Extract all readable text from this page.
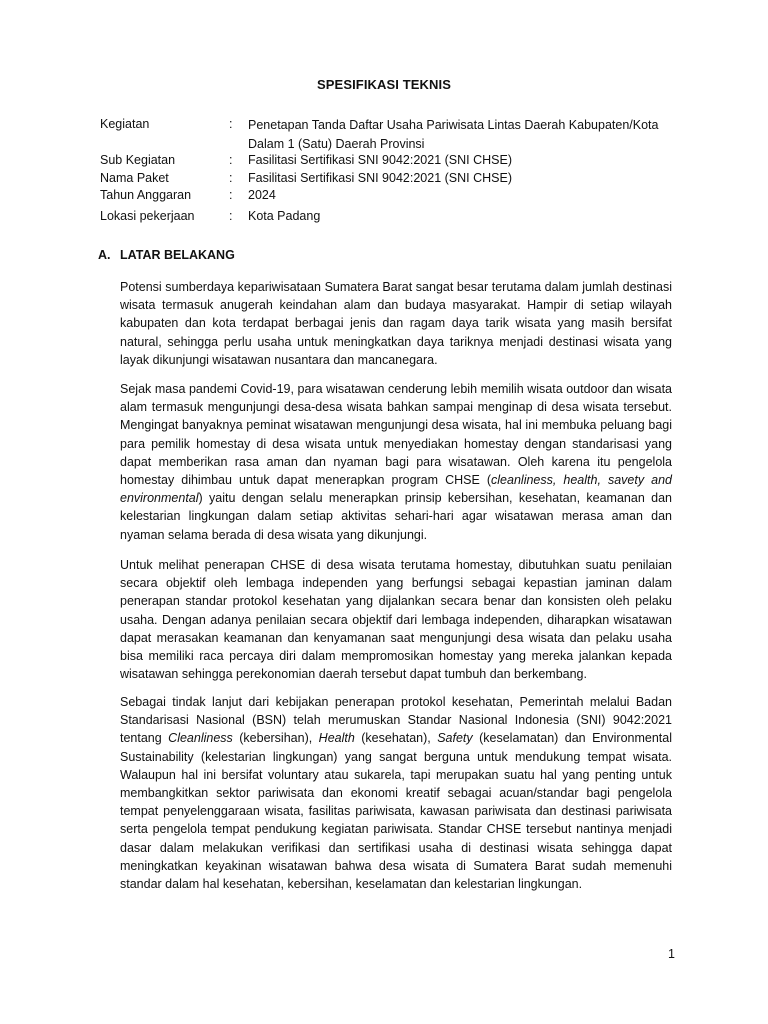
SPESIFIKASI TEKNIS
Kegiatan	: Penetapan Tanda Daftar Usaha Pariwisata Lintas Daerah Kabupaten/Kota Dalam 1 (Satu) Daerah Provinsi
Sub Kegiatan	: Fasilitasi Sertifikasi SNI 9042:2021 (SNI CHSE)
Nama Paket	: Fasilitasi Sertifikasi SNI 9042:2021 (SNI CHSE)
Tahun Anggaran	: 2024
Lokasi pekerjaan	: Kota Padang
A. LATAR BELAKANG

Potensi sumberdaya kepariwisataan Sumatera Barat sangat besar terutama dalam jumlah destinasi wisata termasuk anugerah keindahan alam dan budaya masyarakat. Hampir di setiap wilayah kabupaten dan kota terdapat berbagai jenis dan ragam daya tarik wisata yang masih bersifat natural, sehingga perlu usaha untuk meningkatkan daya tariknya menjadi destinasi wisata yang layak dikunjungi wisatawan nusantara dan mancanegara.

Sejak masa pandemi Covid-19, para wisatawan cenderung lebih memilih wisata outdoor dan wisata alam termasuk mengunjungi desa-desa wisata bahkan sampai menginap di desa wisata tersebut. Mengingat banyaknya peminat wisatawan mengunjungi desa wisata, hal ini membuka peluang bagi para pemilik homestay di desa wisata untuk menyediakan homestay dengan standarisasi yang dapat memberikan rasa aman dan nyaman bagi para wisatawan. Oleh karena itu pengelola homestay dihimbau untuk dapat menerapkan program CHSE (cleanliness, health, savety and environmental) yaitu dengan selalu menerapkan prinsip kebersihan, kesehatan, keamanan dan kelestarian lingkungan dalam setiap aktivitas sehari-hari agar wisatawan merasa aman dan nyaman selama berada di desa wisata yang dikunjungi.

Untuk melihat penerapan CHSE di desa wisata terutama homestay, dibutuhkan suatu penilaian secara objektif oleh lembaga independen yang berfungsi sebagai kepastian jaminan dalam penerapan standar protokol kesehatan yang dijalankan secara benar dan konsisten oleh pelaku usaha. Dengan adanya penilaian secara objektif dari lembaga independen, diharapkan wisatawan dapat merasakan keamanan dan kenyamanan saat mengunjungi desa wisata dan pelaku usaha bisa memiliki raca percaya diri dalam mempromosikan homestay yang mereka jalankan kepada wisatawan sehingga perekonomian daerah tersebut dapat tumbuh dan berkembang.

Sebagai tindak lanjut dari kebijakan penerapan protokol kesehatan, Pemerintah melalui Badan Standarisasi Nasional (BSN) telah merumuskan Standar Nasional Indonesia (SNI) 9042:2021 tentang Cleanliness (kebersihan), Health (kesehatan), Safety (keselamatan) dan Environmental Sustainability (kelestarian lingkungan) yang sangat berguna untuk mendukung tempat wisata. Walaupun hal ini bersifat voluntary atau sukarela, tapi merupakan suatu hal yang penting untuk membangkitkan sektor pariwisata dan ekonomi kreatif sebagai acuan/standar bagi pengelola tempat penyelenggaraan wisata, fasilitas pariwisata, kawasan pariwisata dan destinasi pariwisata serta pengelola tempat pendukung kegiatan pariwisata. Standar CHSE tersebut nantinya menjadi dasar dalam melakukan verifikasi dan sertifikasi usaha di destinasi wisata sehingga dapat meningkatkan keyakinan wisatawan bahwa desa wisata di Sumatera Barat sudah memenuhi standar dalam hal kesehatan, kebersihan, keselamatan dan kelestarian lingkungan.

1
